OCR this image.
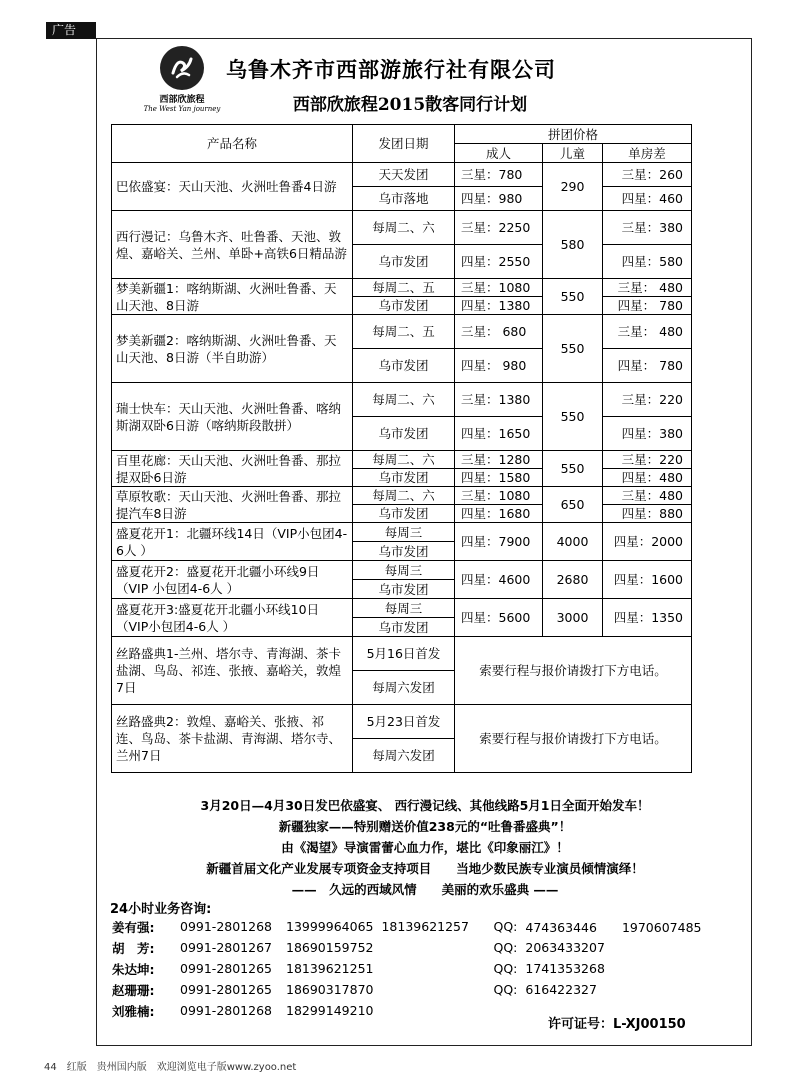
广告
西部欣旅程
The West Yan journey
乌鲁木齐市西部游旅行社有限公司
西部欣旅程2015散客同行计划
产品名称	发团日期	拼团价格		
		成人	儿童	单房差
巴依盛宴：天山天池、火洲吐鲁番4日游	天天发团	三星：780	290	三星：260
	乌市落地	四星：980		四星：460
西行漫记：乌鲁木齐、吐鲁番、天池、敦煌、嘉峪关、兰州、单卧+高铁6日精品游	每周二、六	三星：2250	580	三星：380
	乌市发团	四星：2550		四星：580
梦美新疆1：喀纳斯湖、火洲吐鲁番、天山天池、8日游	每周二、五	三星：1080	550	三星： 480
	乌市发团	四星：1380		四星： 780
梦美新疆2：喀纳斯湖、火洲吐鲁番、天山天池、8日游（半自助游）	每周二、五	三星： 680	550	三星： 480
	乌市发团	四星： 980		四星： 780
瑞士快车：天山天池、火洲吐鲁番、喀纳斯湖双卧6日游（喀纳斯段散拼）	每周二、六	三星：1380	550	三星：220
	乌市发团	四星：1650		四星：380
百里花廊：天山天池、火洲吐鲁番、那拉提双卧6日游	每周二、六	三星：1280	550	三星：220
	乌市发团	四星：1580		四星：480
草原牧歌：天山天池、火洲吐鲁番、那拉提汽车8日游	每周二、六	三星：1080	650	三星：480
	乌市发团	四星：1680		四星：880
盛夏花开1：北疆环线14日（VIP小包团4-6人 ）	每周三	四星：7900	4000	四星：2000
	乌市发团			
盛夏花开2：盛夏花开北疆小环线9日（VIP 小包团4-6人 ）	每周三	四星：4600	2680	四星：1600
	乌市发团			
盛夏花开3:盛夏花开北疆小环线10日（VIP小包团4-6人 ）	每周三	四星：5600	3000	四星：1350
	乌市发团			
丝路盛典1-兰州、塔尔寺、青海湖、茶卡盐湖、鸟岛、祁连、张掖、嘉峪关，敦煌7日	5月16日首发	索要行程与报价请拨打下方电话。		
	每周六发团			
丝路盛典2：敦煌、嘉峪关、张掖、祁连、鸟岛、茶卡盐湖、青海湖、塔尔寺、兰州7日	5月23日首发	索要行程与报价请拨打下方电话。		
	每周六发团			

3月20日—4月30日发巴依盛宴、 西行漫记线、其他线路5月1日全面开始发车！

新疆独家——特别赠送价值238元的“吐鲁番盛典”！

由《渴望》导演雷蕾心血力作，堪比《印象丽江》！

新疆首届文化产业发展专项资金支持项目　　当地少数民族专业演员倾情演绎！

——　久远的西域风情　　美丽的欢乐盛典 ——

24小时业务咨询:
姜有强:	0991-2801268	13999964065	18139621257	QQ:	474363446　　1970607485
胡　芳:	0991-2801267	18690159752		QQ:	2063433207
朱达坤:	0991-2801265	18139621251		QQ:	1741353268
赵珊珊:	0991-2801265	18690317870		QQ:	616422327
刘雅楠:	0991-2801268	18299149210			
许可证号：L-XJ00150
44　红版　贵州国内版　欢迎浏览电子版www.zyoo.net
